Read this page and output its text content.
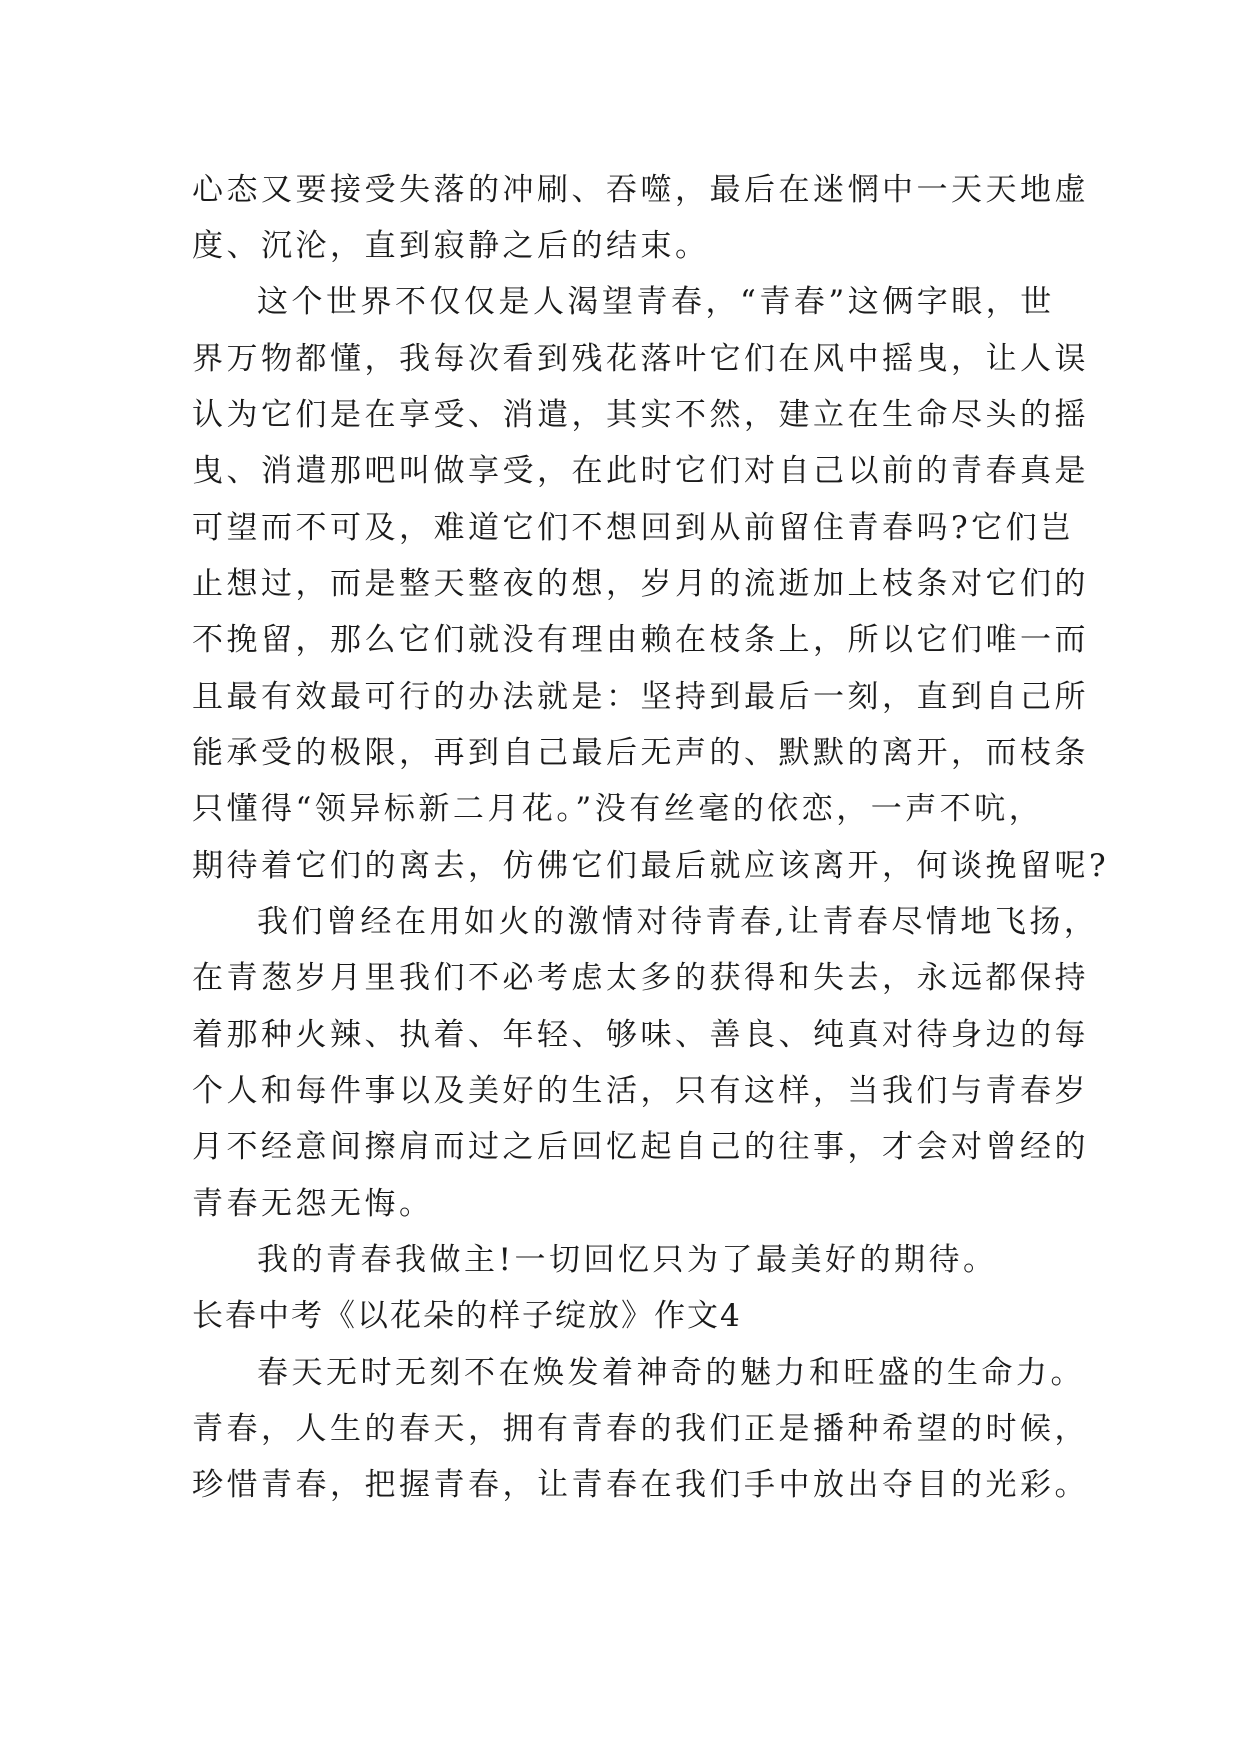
心态又要接受失落的冲刷、吞噬，最后在迷惘中一天天地虚
度、沉沦，直到寂静之后的结束。
这个世界不仅仅是人渴望青春，“青春”这俩字眼，世
界万物都懂，我每次看到残花落叶它们在风中摇曳，让人误
认为它们是在享受、消遣，其实不然，建立在生命尽头的摇
曳、消遣那吧叫做享受，在此时它们对自己以前的青春真是
可望而不可及，难道它们不想回到从前留住青春吗?它们岂
止想过，而是整天整夜的想，岁月的流逝加上枝条对它们的
不挽留，那么它们就没有理由赖在枝条上，所以它们唯一而
且最有效最可行的办法就是：坚持到最后一刻，直到自己所
能承受的极限，再到自己最后无声的、默默的离开，而枝条
只懂得“领异标新二月花。”没有丝毫的依恋，一声不吭，
期待着它们的离去，仿佛它们最后就应该离开，何谈挽留呢?
我们曾经在用如火的激情对待青春,让青春尽情地飞扬，
在青葱岁月里我们不必考虑太多的获得和失去，永远都保持
着那种火辣、执着、年轻、够味、善良、纯真对待身边的每
个人和每件事以及美好的生活，只有这样，当我们与青春岁
月不经意间擦肩而过之后回忆起自己的往事，才会对曾经的
青春无怨无悔。
我的青春我做主!一切回忆只为了最美好的期待。
长春中考《以花朵的样子绽放》作文4
春天无时无刻不在焕发着神奇的魅力和旺盛的生命力。
青春，人生的春天，拥有青春的我们正是播种希望的时候，
珍惜青春，把握青春，让青春在我们手中放出夺目的光彩。
